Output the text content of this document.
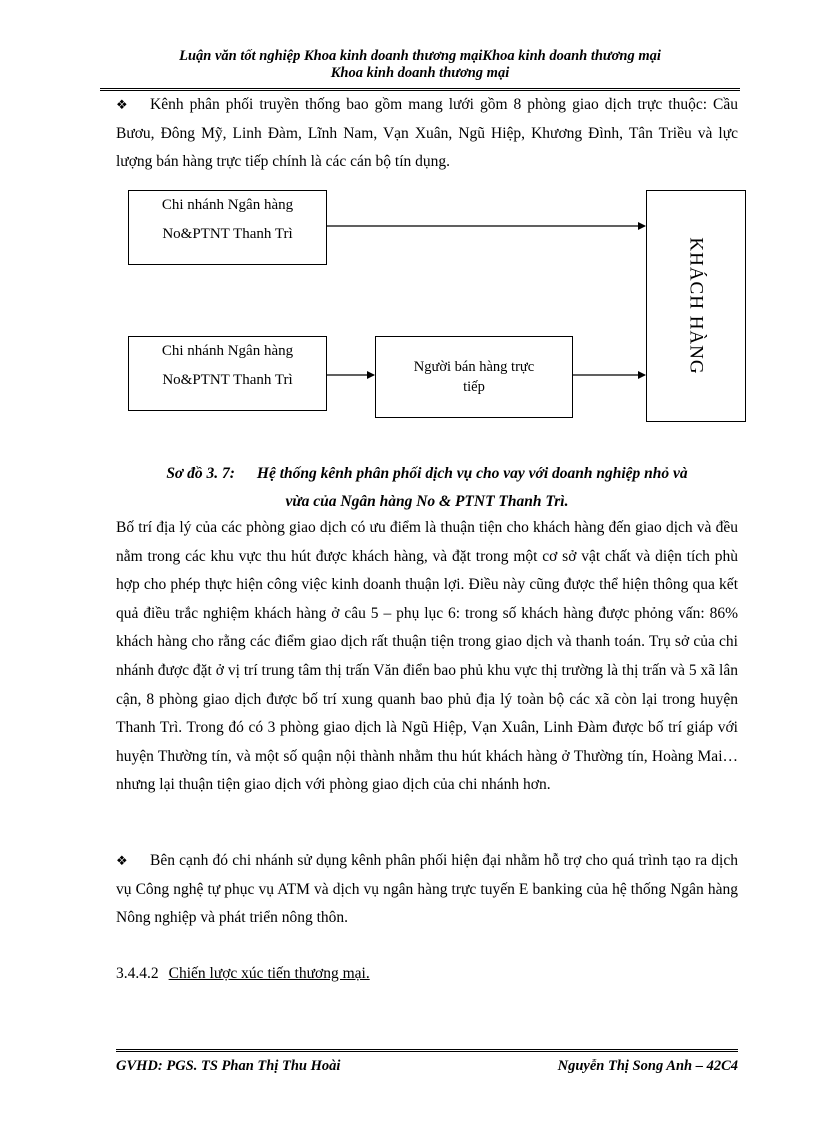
Luận văn tốt nghiệp Khoa kinh doanh thương mạiKhoa kinh doanh thương mại
Khoa kinh doanh thương mại
❖ Kênh phân phối truyền thống bao gồm mang lưới gồm 8 phòng giao dịch trực thuộc: Cầu Bươu, Đông Mỹ, Linh Đàm, Lĩnh Nam, Vạn Xuân, Ngũ Hiệp, Khương Đình, Tân Triều và lực lượng bán hàng trực tiếp chính là các cán bộ tín dụng.
Chi nhánh Ngân hàng
No&PTNT Thanh Trì
Chi nhánh Ngân hàng
No&PTNT Thanh Trì
Người bán hàng trực
tiếp
KHÁCH HÀNG
Sơ đồ 3. 7: Hệ thống kênh phân phối dịch vụ cho vay với doanh nghiệp nhỏ và
vừa của Ngân hàng No & PTNT Thanh Trì.
Bố trí địa lý của các phòng giao dịch có ưu điểm là thuận tiện cho khách hàng đến giao dịch và đều nằm trong các khu vực thu hút được khách hàng, và đặt trong một cơ sở vật chất và diện tích phù hợp cho phép thực hiện công việc kinh doanh thuận lợi. Điều này cũng được thể hiện thông qua kết quả điều trắc nghiệm khách hàng ở câu 5 – phụ lục 6: trong số khách hàng được phỏng vấn: 86% khách hàng cho rằng các điểm giao dịch rất thuận tiện trong giao dịch và thanh toán. Trụ sở của chi nhánh được đặt ở vị trí trung tâm thị trấn Văn điển bao phủ khu vực thị trường là thị trấn và 5 xã lân cận, 8 phòng giao dịch được bố trí xung quanh bao phủ địa lý toàn bộ các xã còn lại trong huyện Thanh Trì. Trong đó có 3 phòng giao dịch là Ngũ Hiệp, Vạn Xuân, Linh Đàm được bố trí giáp với huyện Thường tín, và một số quận nội thành nhằm thu hút khách hàng ở Thường tín, Hoàng Mai…nhưng lại thuận tiện giao dịch với phòng giao dịch của chi nhánh hơn.
❖ Bên cạnh đó chi nhánh sử dụng kênh phân phối hiện đại nhằm hỗ trợ cho quá trình tạo ra dịch vụ Công nghệ tự phục vụ ATM và dịch vụ ngân hàng trực tuyến E banking của hệ thống Ngân hàng Nông nghiệp và phát triển nông thôn.
3.4.4.2 Chiến lược xúc tiến thương mại.
GVHD: PGS. TS Phan Thị Thu Hoài	Nguyễn Thị Song Anh – 42C4
